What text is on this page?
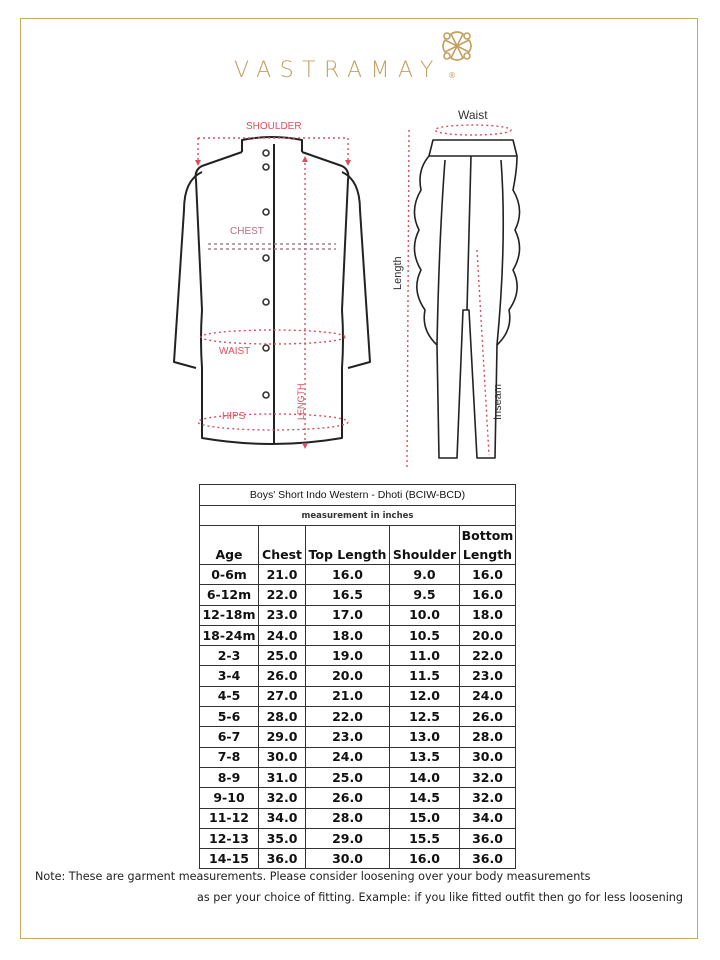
VASTRAMAY ®
SHOULDER
CHEST
WAIST
HIPS	LENGTH
Waist
Length
Inseam
Boys' Short Indo Western - Dhoti (BCIW-BCD)				
measurement in inches				
Age	Chest	Top Length	Shoulder	Bottom
Length
0-6m	21.0	16.0	9.0	16.0
6-12m	22.0	16.5	9.5	16.0
12-18m	23.0	17.0	10.0	18.0
18-24m	24.0	18.0	10.5	20.0
2-3	25.0	19.0	11.0	22.0
3-4	26.0	20.0	11.5	23.0
4-5	27.0	21.0	12.0	24.0
5-6	28.0	22.0	12.5	26.0
6-7	29.0	23.0	13.0	28.0
7-8	30.0	24.0	13.5	30.0
8-9	31.0	25.0	14.0	32.0
9-10	32.0	26.0	14.5	32.0
11-12	34.0	28.0	15.0	34.0
12-13	35.0	29.0	15.5	36.0
14-15	36.0	30.0	16.0	36.0
Note: These are garment measurements. Please consider loosening over your body measurements
as per your choice of fitting. Example: if you like fitted outfit then go for less loosening
